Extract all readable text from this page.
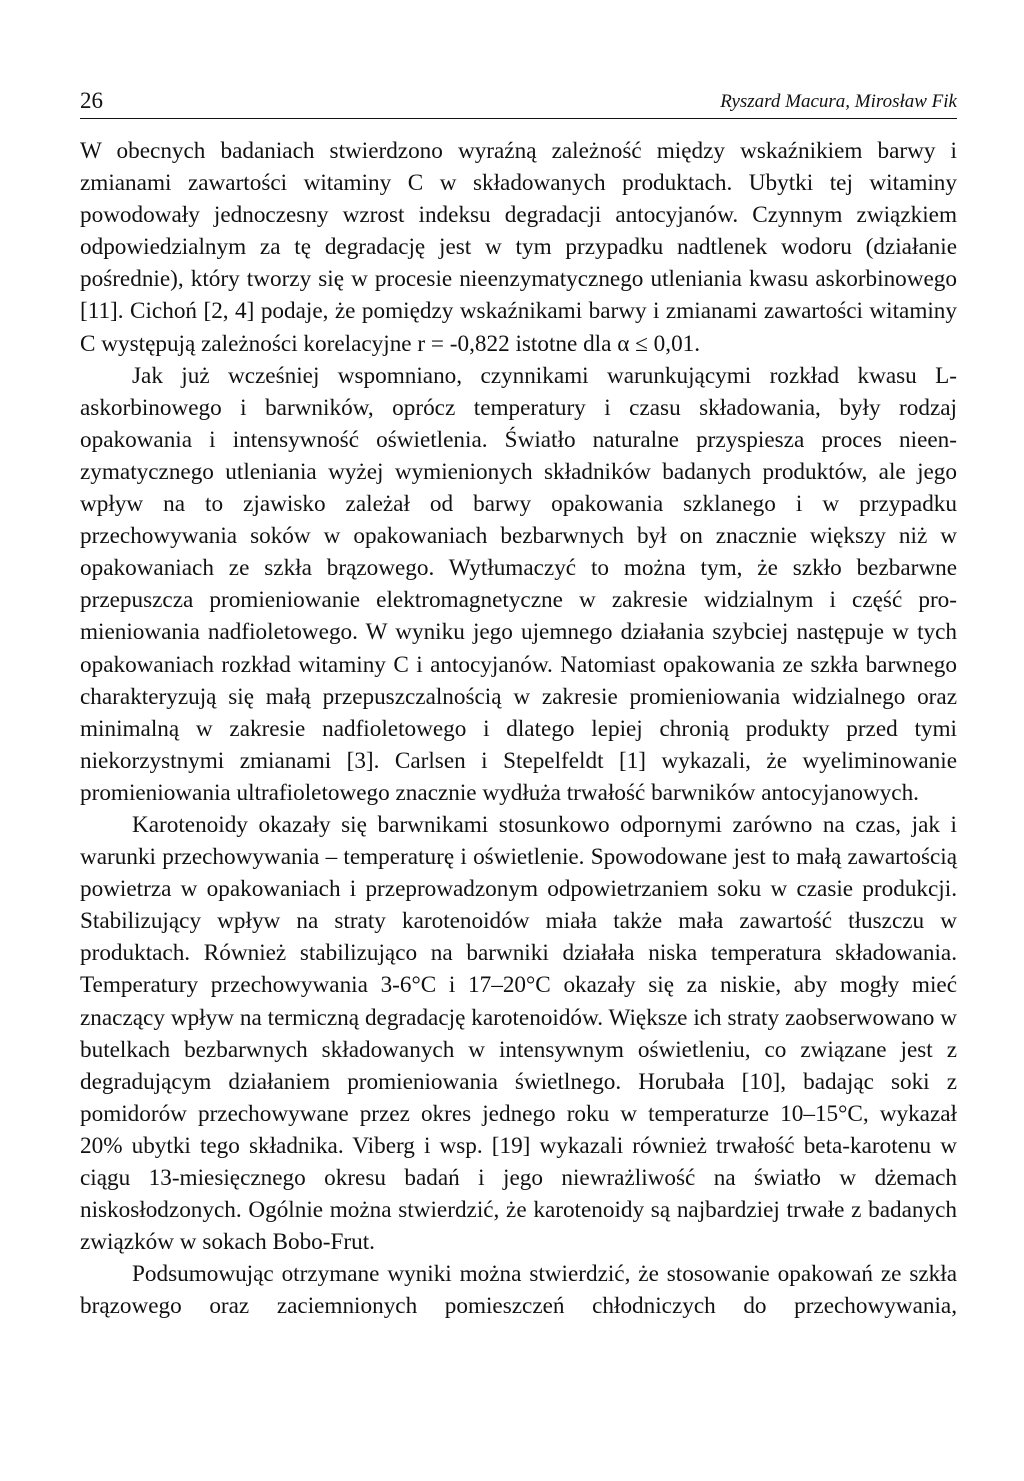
26	Ryszard Macura, Mirosław Fik

W obecnych badaniach stwierdzono wyraźną zależność między wskaźnikiem barwy i zmianami zawartości witaminy C w składowanych produktach. Ubytki tej witaminy powodowały jednoczesny wzrost indeksu degradacji antocyjanów. Czynnym związkiem odpowiedzialnym za tę degradację jest w tym przypadku nadtlenek wodoru (działanie pośrednie), który tworzy się w procesie nieenzymatycznego utleniania kwasu askorbinowego [11]. Cichoń [2, 4] podaje, że pomiędzy wskaźnikami barwy i zmianami zawartości witaminy C występują zależności korelacyjne r = -0,822 istotne dla α ≤ 0,01.

Jak już wcześniej wspomniano, czynnikami warunkującymi rozkład kwasu L-askorbinowego i barwników, oprócz temperatury i czasu składowania, były rodzaj opakowania i intensywność oświetlenia. Światło naturalne przyspiesza proces nieenzymatycznego utleniania wyżej wymienionych składników badanych produktów, ale jego wpływ na to zjawisko zależał od barwy opakowania szklanego i w przypadku przechowywania soków w opakowaniach bezbarwnych był on znacznie większy niż w opakowaniach ze szkła brązowego. Wytłumaczyć to można tym, że szkło bezbarwne przepuszcza promieniowanie elektromagnetyczne w zakresie widzialnym i część promieniowania nadfioletowego. W wyniku jego ujemnego działania szybciej następuje w tych opakowaniach rozkład witaminy C i antocyjanów. Natomiast opakowania ze szkła barwnego charakteryzują się małą przepuszczalnością w zakresie promieniowania widzialnego oraz minimalną w zakresie nadfioletowego i dlatego lepiej chronią produkty przed tymi niekorzystnymi zmianami [3]. Carlsen i Stepelfeldt [1] wykazali, że wyeliminowanie promieniowania ultrafioletowego znacznie wydłuża trwałość barwników antocyjanowych.

Karotenoidy okazały się barwnikami stosunkowo odpornymi zarówno na czas, jak i warunki przechowywania – temperaturę i oświetlenie. Spowodowane jest to małą zawartością powietrza w opakowaniach i przeprowadzonym odpowietrzaniem soku w czasie produkcji. Stabilizujący wpływ na straty karotenoidów miała także mała zawartość tłuszczu w produktach. Również stabilizująco na barwniki działała niska temperatura składowania. Temperatury przechowywania 3-6°C i 17–20°C okazały się za niskie, aby mogły mieć znaczący wpływ na termiczną degradację karotenoidów. Większe ich straty zaobserwowano w butelkach bezbarwnych składowanych w intensywnym oświetleniu, co związane jest z degradującym działaniem promieniowania świetlnego. Horubała [10], badając soki z pomidorów przechowywane przez okres jednego roku w temperaturze 10–15°C, wykazał 20% ubytki tego składnika. Viberg i wsp. [19] wykazali również trwałość beta-karotenu w ciągu 13-miesięcznego okresu badań i jego niewrażliwość na światło w dżemach niskosłodzonych. Ogólnie można stwierdzić, że karotenoidy są najbardziej trwałe z badanych związków w sokach Bobo-Frut.

Podsumowując otrzymane wyniki można stwierdzić, że stosowanie opakowań ze szkła brązowego oraz zaciemnionych pomieszczeń chłodniczych do przechowywania,
